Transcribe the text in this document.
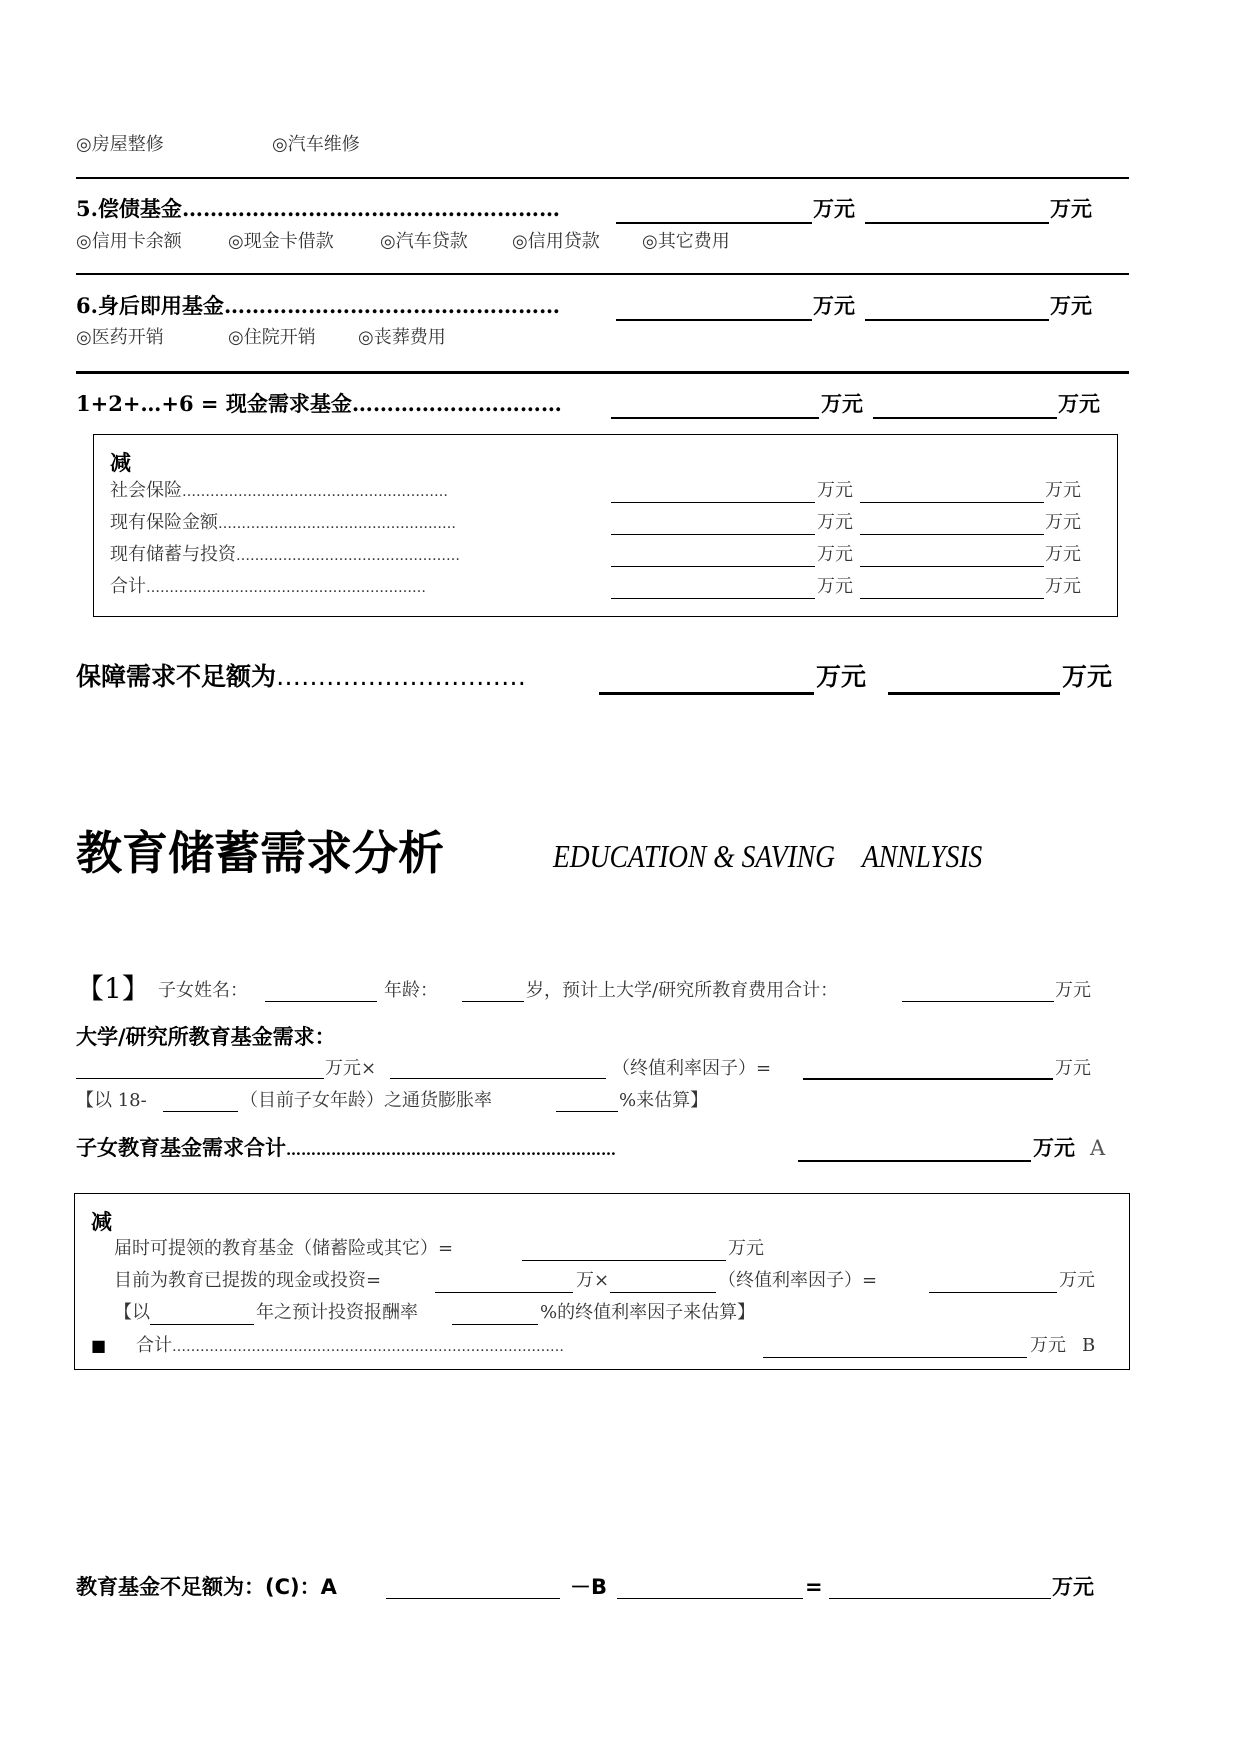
◎房屋整修	◎汽车维修
5.偿债基金………………………………………………	万元	万元
◎信用卡余额	◎现金卡借款	◎汽车贷款 ◎信用贷款 ◎其它费用
6.身后即用基金…………………………………………	万元	万元
◎医药开销	◎住院开销 ◎丧葬费用
1+2+…+6 = 现金需求基金…………………………	万元	万元
减
社会保险…………………………………………………	万元	万元
现有保险金额……………………………………………	万元	万元
现有储蓄与投资…………………………………………	万元	万元
合计……………………………………………………	万元	万元
保障需求不足额为…………………………	万元	万元
教育储蓄需求分析	EDUCATION & SAVING    ANNLYSIS
【1】 子女姓名：	年龄：	岁，预计上大学/研究所教育费用合计：	万元
大学/研究所教育基金需求：
万元×	（终值利率因子）=	万元
【以 18-	（目前子女年龄）之通货膨胀率	%来估算】
子女教育基金需求合计…………………………………………………………	万元 A
减
届时可提领的教育基金（储蓄险或其它）=	万元
目前为教育已提拨的现金或投资=	万×	（终值利率因子）=	万元
【以	年之预计投资报酬率	%的终值利率因子来估算】
■ 合计…………………………………………………………………………	万元 B
教育基金不足额为：(C)：A	－B	=	万元
